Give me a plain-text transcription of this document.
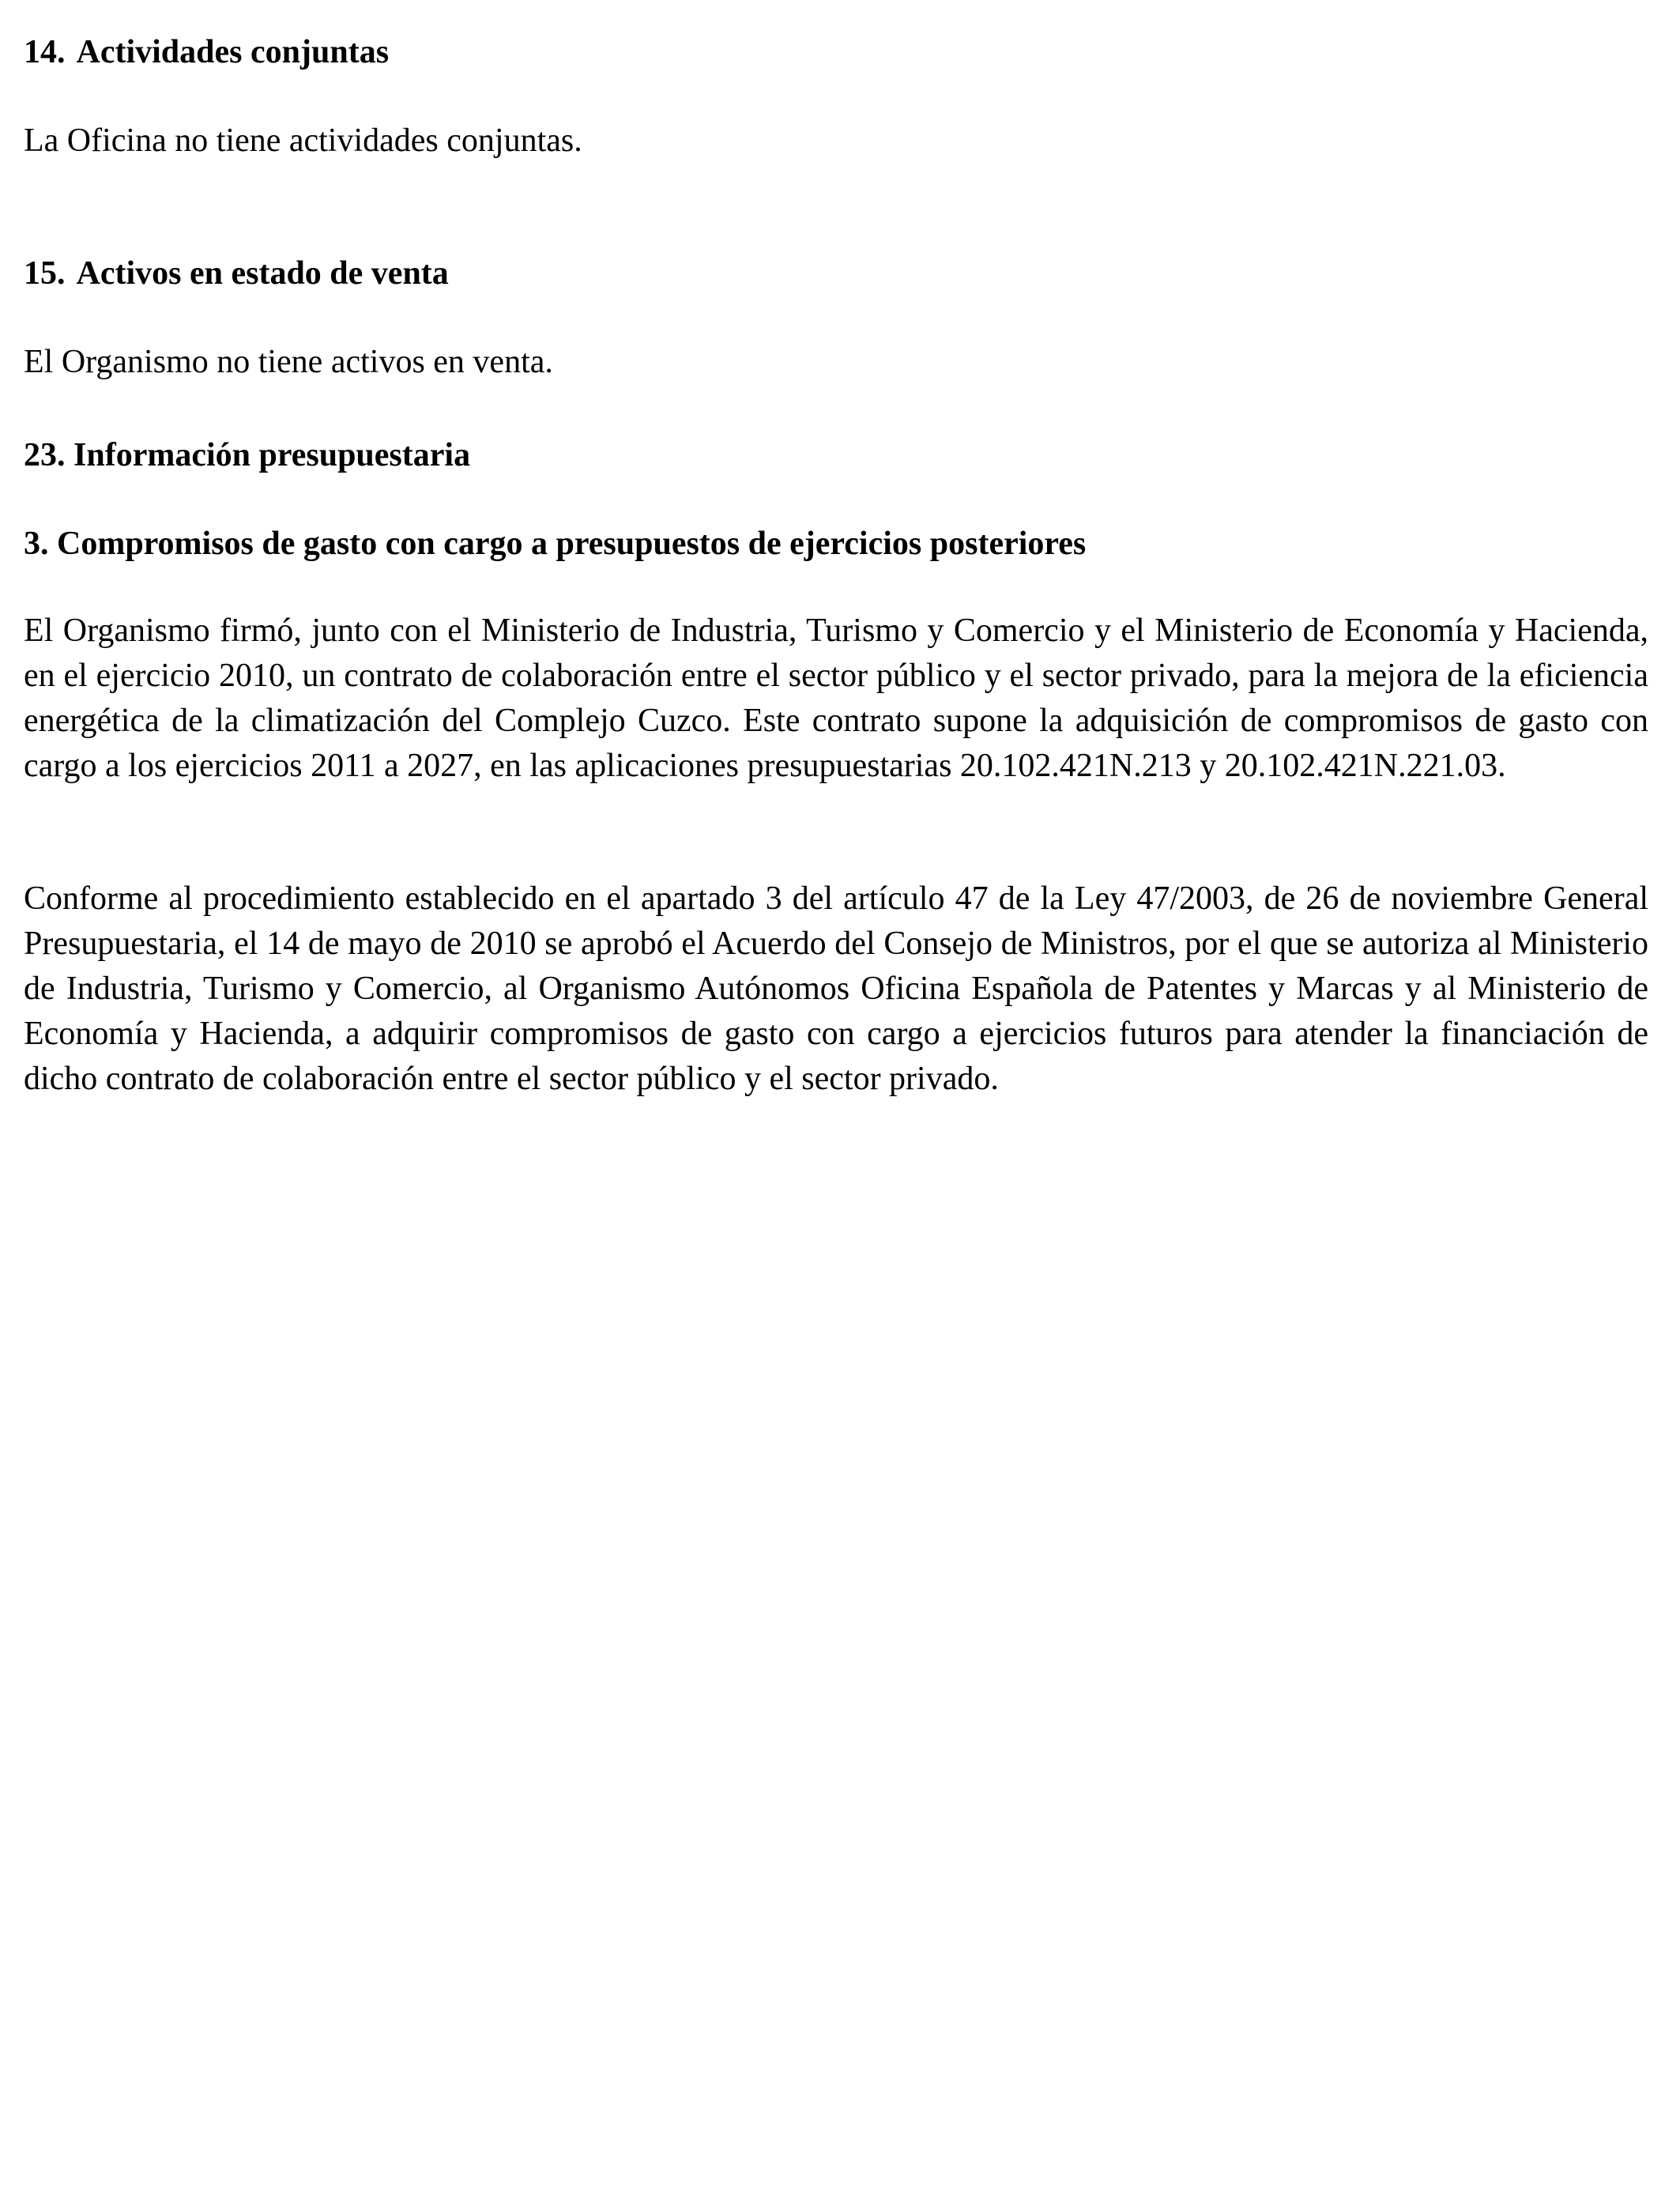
14. Actividades conjuntas

La Oficina no tiene actividades conjuntas.

15. Activos en estado de venta

El Organismo no tiene activos en venta.

23. Información presupuestaria
3. Compromisos de gasto con cargo a presupuestos de ejercicios posteriores

El Organismo firmó, junto con el Ministerio de Industria, Turismo y Comercio y el Ministerio de Economía y Hacienda, en el ejercicio 2010, un contrato de colaboración entre el sector público y el sector privado, para la mejora de la eficiencia energética de la climatización del Complejo Cuzco. Este contrato supone la adquisición de compromisos de gasto con cargo a los ejercicios 2011 a 2027, en las aplicaciones presupuestarias 20.102.421N.213 y 20.102.421N.221.03.

Conforme al procedimiento establecido en el apartado 3 del artículo 47 de la Ley 47/2003, de 26 de noviembre General Presupuestaria, el 14 de mayo de 2010 se aprobó el Acuerdo del Consejo de Ministros, por el que se autoriza al Ministerio de Industria, Turismo y Comercio, al Organismo Autónomos Oficina Española de Patentes y Marcas y al Ministerio de Economía y Hacienda, a adquirir compromisos de gasto con cargo a ejercicios futuros para atender la financiación de dicho contrato de colaboración entre el sector público y el sector privado.
